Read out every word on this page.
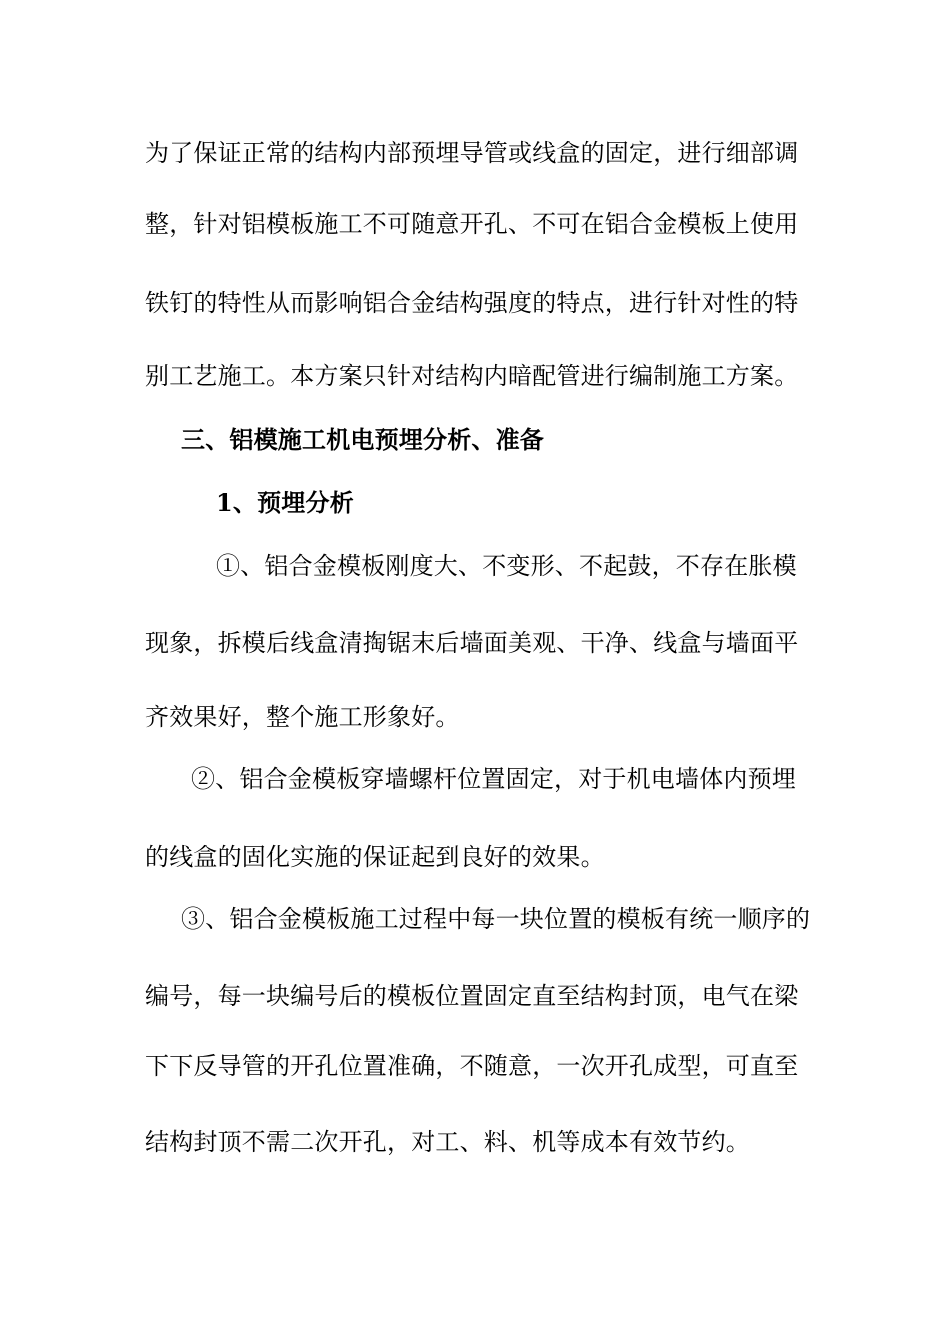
为了保证正常的结构内部预埋导管或线盒的固定，进行细部调
整，针对铝模板施工不可随意开孔、不可在铝合金模板上使用
铁钉的特性从而影响铝合金结构强度的特点，进行针对性的特
别工艺施工。本方案只针对结构内暗配管进行编制施工方案。
三、铝模施工机电预埋分析、准备
1、预埋分析
①、铝合金模板刚度大、不变形、不起鼓，不存在胀模
现象，拆模后线盒清掏锯末后墙面美观、干净、线盒与墙面平
齐效果好，整个施工形象好。
②、铝合金模板穿墙螺杆位置固定，对于机电墙体内预埋
的线盒的固化实施的保证起到良好的效果。
③、铝合金模板施工过程中每一块位置的模板有统一顺序的
编号，每一块编号后的模板位置固定直至结构封顶，电气在梁
下下反导管的开孔位置准确，不随意，一次开孔成型，可直至
结构封顶不需二次开孔，对工、料、机等成本有效节约。
